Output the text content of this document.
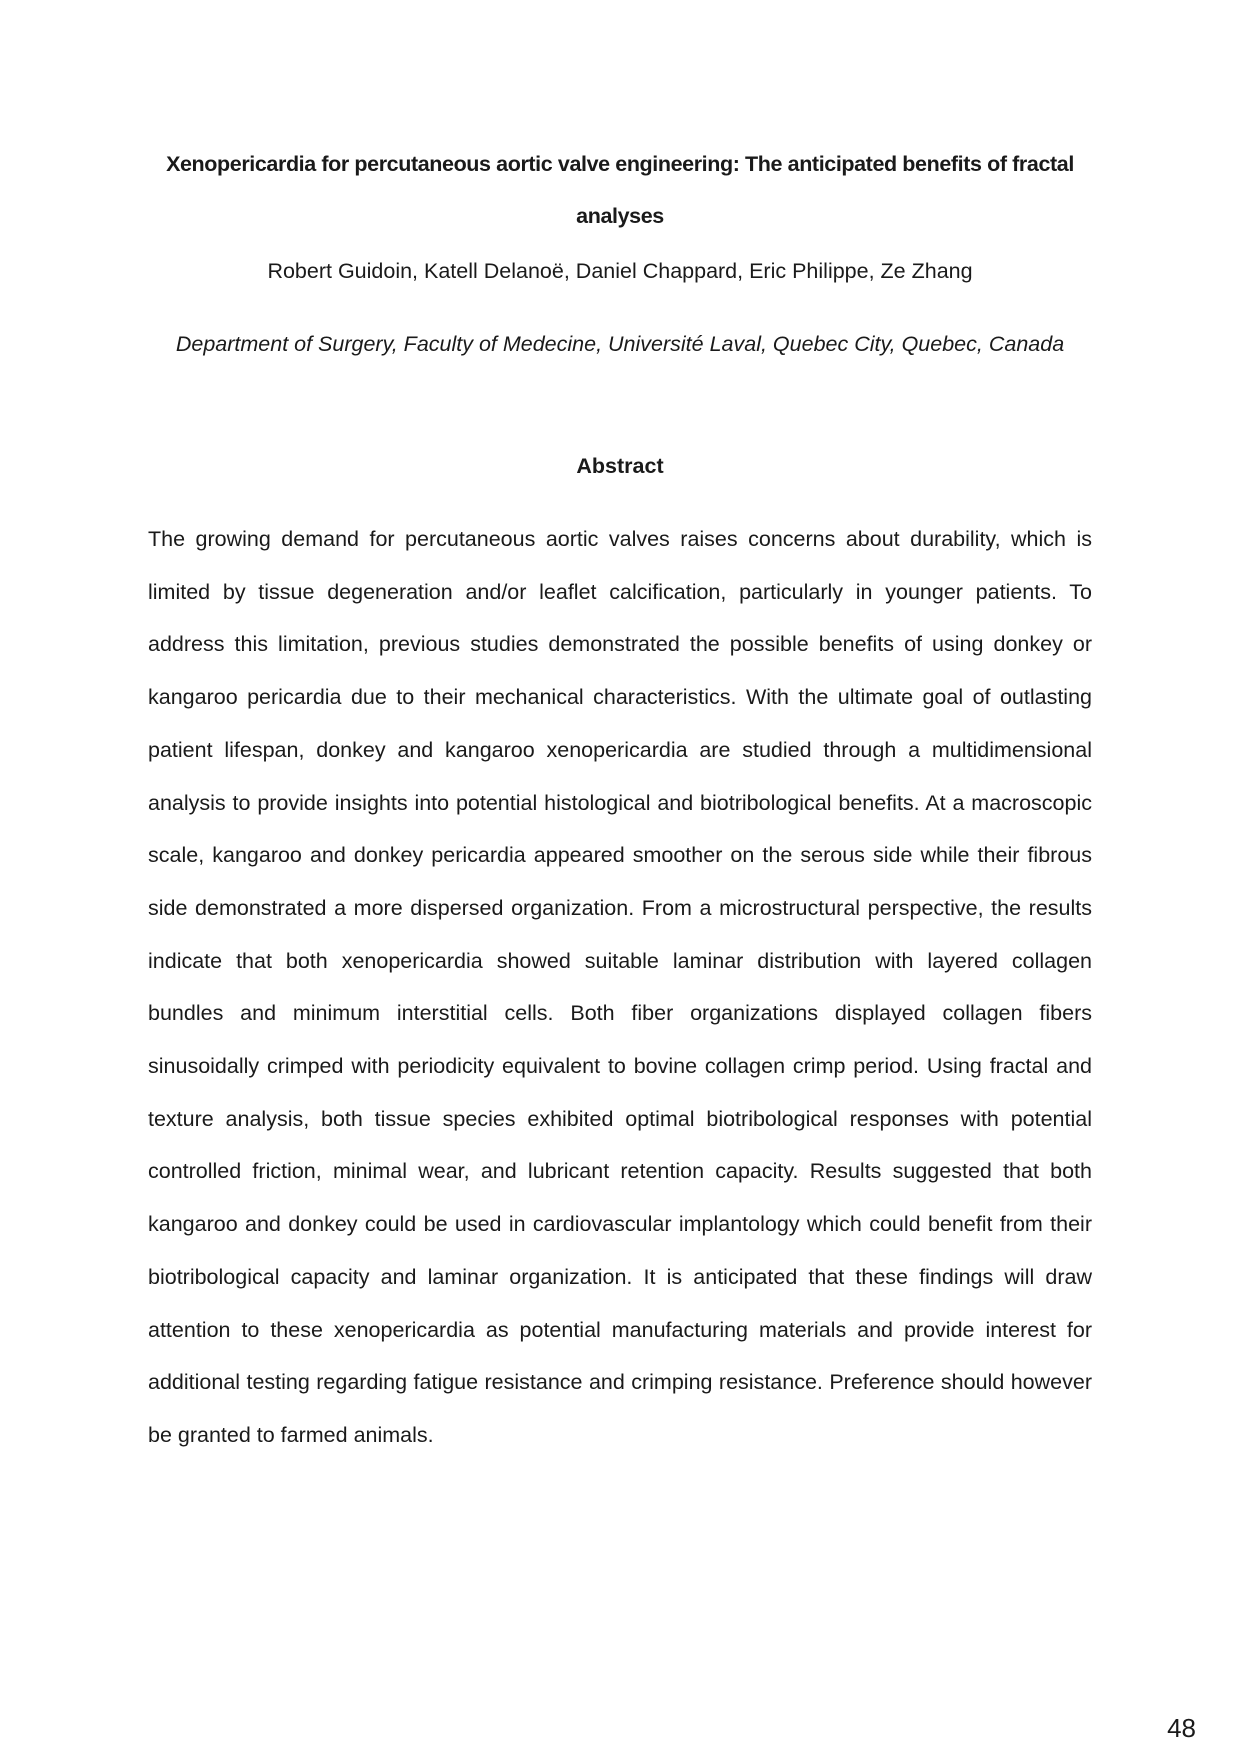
Xenopericardia for percutaneous aortic valve engineering: The anticipated benefits of fractal analyses
Robert Guidoin, Katell Delanoë, Daniel Chappard, Eric Philippe, Ze Zhang
Department of Surgery, Faculty of Medecine, Université Laval, Quebec City, Quebec, Canada
Abstract
The growing demand for percutaneous aortic valves raises concerns about durability, which is limited by tissue degeneration and/or leaflet calcification, particularly in younger patients. To address this limitation, previous studies demonstrated the possible benefits of using donkey or kangaroo pericardia due to their mechanical characteristics. With the ultimate goal of outlasting patient lifespan, donkey and kangaroo xenopericardia are studied through a multidimensional analysis to provide insights into potential histological and biotribological benefits. At a macroscopic scale, kangaroo and donkey pericardia appeared smoother on the serous side while their fibrous side demonstrated a more dispersed organization. From a microstructural perspective, the results indicate that both xenopericardia showed suitable laminar distribution with layered collagen bundles and minimum interstitial cells. Both fiber organizations displayed collagen fibers sinusoidally crimped with periodicity equivalent to bovine collagen crimp period. Using fractal and texture analysis, both tissue species exhibited optimal biotribological responses with potential controlled friction, minimal wear, and lubricant retention capacity. Results suggested that both kangaroo and donkey could be used in cardiovascular implantology which could benefit from their biotribological capacity and laminar organization. It is anticipated that these findings will draw attention to these xenopericardia as potential manufacturing materials and provide interest for additional testing regarding fatigue resistance and crimping resistance. Preference should however be granted to farmed animals.
48
